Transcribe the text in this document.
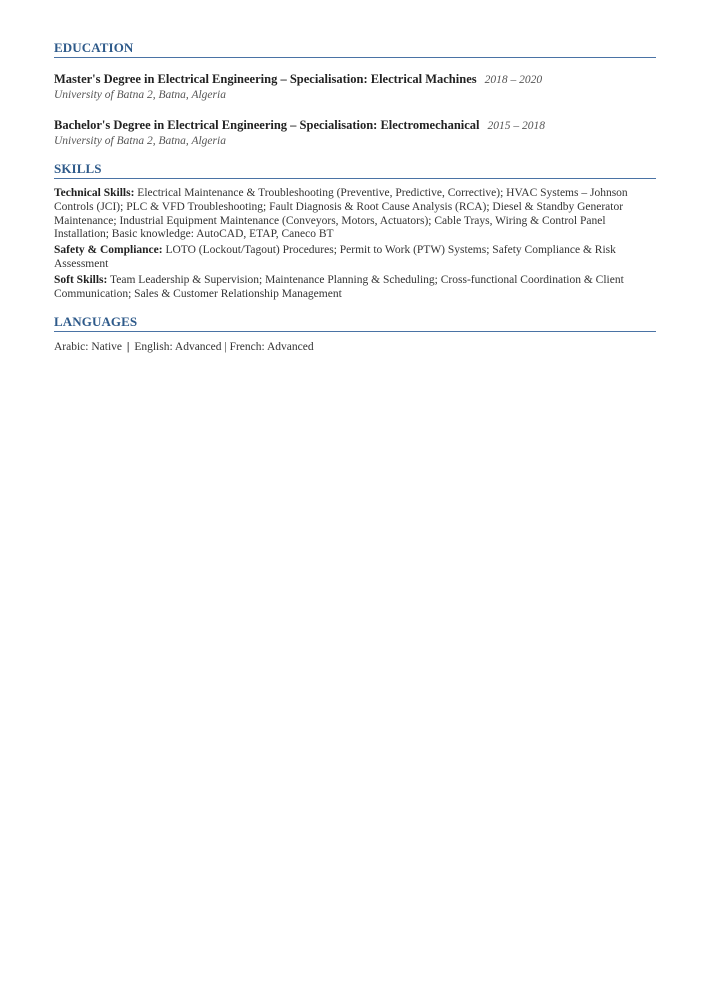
EDUCATION
Master's Degree in Electrical Engineering – Specialisation: Electrical Machines 2018 – 2020
University of Batna 2, Batna, Algeria
Bachelor's Degree in Electrical Engineering – Specialisation: Electromechanical 2015 – 2018
University of Batna 2, Batna, Algeria
SKILLS
Technical Skills: Electrical Maintenance & Troubleshooting (Preventive, Predictive, Corrective); HVAC Systems – Johnson Controls (JCI); PLC & VFD Troubleshooting; Fault Diagnosis & Root Cause Analysis (RCA); Diesel & Standby Generator Maintenance; Industrial Equipment Maintenance (Conveyors, Motors, Actuators); Cable Trays, Wiring & Control Panel Installation; Basic knowledge: AutoCAD, ETAP, Caneco BT
Safety & Compliance: LOTO (Lockout/Tagout) Procedures; Permit to Work (PTW) Systems; Safety Compliance & Risk Assessment
Soft Skills: Team Leadership & Supervision; Maintenance Planning & Scheduling; Cross-functional Coordination & Client Communication; Sales & Customer Relationship Management
LANGUAGES
Arabic: Native | English: Advanced | French: Advanced
